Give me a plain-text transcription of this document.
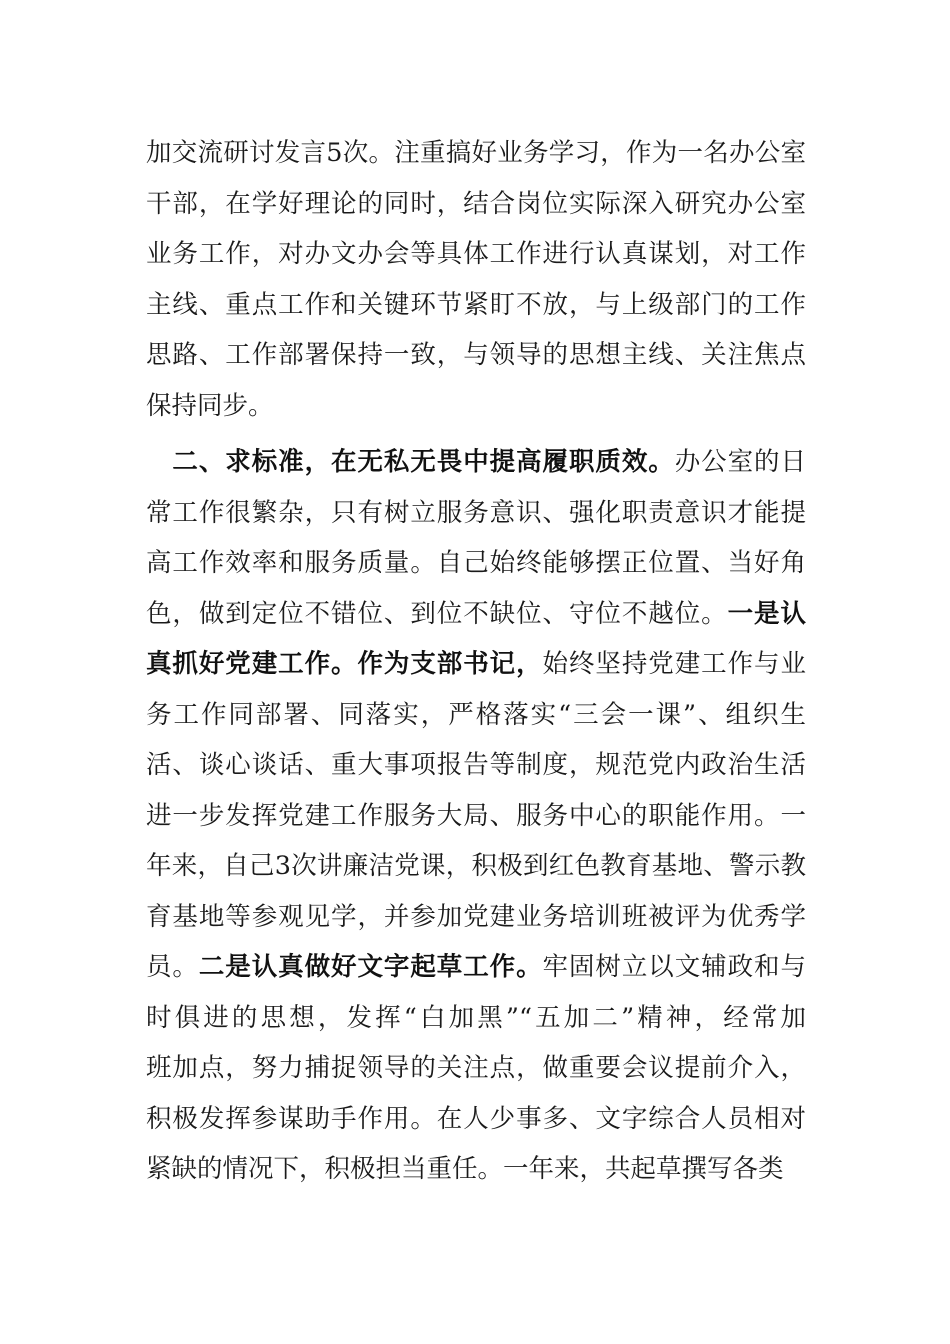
加交流研讨发言5次。注重搞好业务学习，作为一名办公室
干部，在学好理论的同时，结合岗位实际深入研究办公室
业务工作，对办文办会等具体工作进行认真谋划，对工作
主线、重点工作和关键环节紧盯不放，与上级部门的工作
思路、工作部署保持一致，与领导的思想主线、关注焦点
保持同步。
　二、求标准，在无私无畏中提高履职质效。办公室的日
常工作很繁杂，只有树立服务意识、强化职责意识才能提
高工作效率和服务质量。自己始终能够摆正位置、当好角
色，做到定位不错位、到位不缺位、守位不越位。一是认
真抓好党建工作。作为支部书记，始终坚持党建工作与业
务工作同部署、同落实，严格落实“三会一课”、组织生
活、谈心谈话、重大事项报告等制度，规范党内政治生活
进一步发挥党建工作服务大局、服务中心的职能作用。一
年来，自己3次讲廉洁党课，积极到红色教育基地、警示教
育基地等参观见学，并参加党建业务培训班被评为优秀学
员。二是认真做好文字起草工作。牢固树立以文辅政和与
时俱进的思想，发挥“白加黑”“五加二”精神，经常加
班加点，努力捕捉领导的关注点，做重要会议提前介入，
积极发挥参谋助手作用。在人少事多、文字综合人员相对
紧缺的情况下，积极担当重任。一年来，共起草撰写各类
